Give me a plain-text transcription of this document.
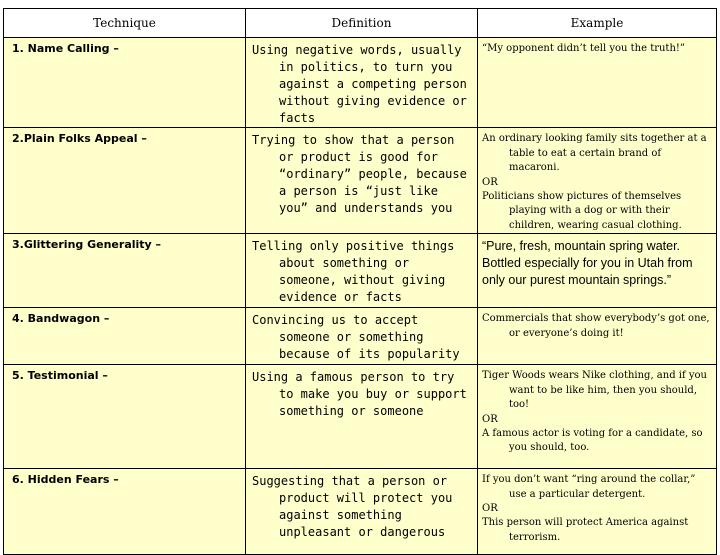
Technique	Definition	Example
1. Name Calling –	Using negative words, usually in politics, to turn you against a competing person without giving evidence or facts	“My opponent didn’t tell you the truth!”

2.Plain Folks Appeal –	Trying to show that a person or product is good for “ordinary” people, because a person is “just like you” and understands you	An ordinary looking family sits together at a table to eat a certain brand of macaroni.
OR
Politicians show pictures of themselves playing with a dog or with their children, wearing casual clothing.

3.Glittering Generality –	Telling only positive things about something or someone, without giving evidence or facts	“Pure, fresh, mountain spring water. Bottled especially for you in Utah from only our purest mountain springs.”

4. Bandwagon –	Convincing us to accept someone or something because of its popularity	Commercials that show everybody’s got one, or everyone’s doing it!

5. Testimonial –	Using a famous person to try to make you buy or support something or someone	Tiger Woods wears Nike clothing, and if you want to be like him, then you should, too!
OR
A famous actor is voting for a candidate, so you should, too.

6. Hidden Fears –	Suggesting that a person or product will protect you against something unpleasant or dangerous	If you don’t want “ring around the collar,” use a particular detergent.
OR
This person will protect America against terrorism.
